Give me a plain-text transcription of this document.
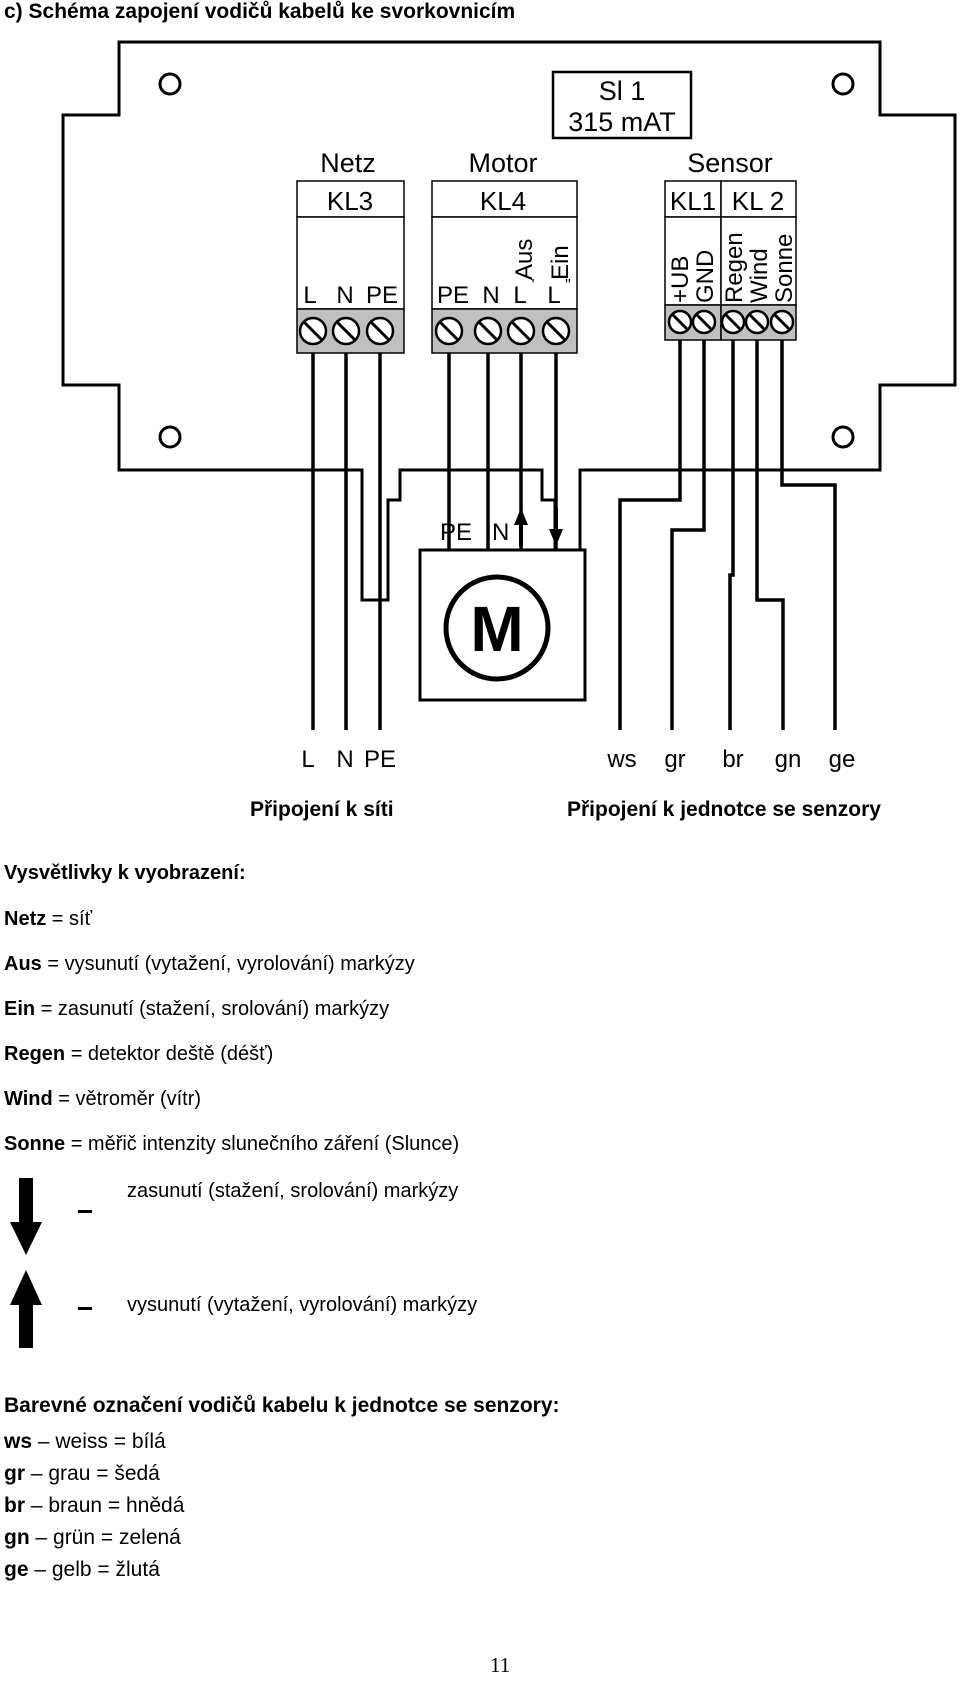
c) Schéma zapojení vodičů kabelů ke svorkovnicím
Sl 1
315 mAT
Netz	Motor	Sensor
KL3
L N PE
KL4
PE N L ' L "
Aus Ein
KL1 KL 2
+UB
GND Regen
Wind
Sonne
PE N
M
L N PE	ws gr br gn ge
Připojení k síti	Připojení k jednotce se senzory
Vysvětlivky k vyobrazení:
Netz = síť
Aus = vysunutí (vytažení, vyrolování) markýzy
Ein = zasunutí (stažení, srolování) markýzy
Regen = detektor deště (déšť)
Wind = větroměr (vítr)
Sonne = měřič intenzity slunečního záření (Slunce)
zasunutí (stažení, srolování) markýzy
vysunutí (vytažení, vyrolování) markýzy
Barevné označení vodičů kabelu k jednotce se senzory:
ws – weiss = bílá
gr – grau = šedá
br – braun = hnědá
gn – grün = zelená
ge – gelb = žlutá
11
